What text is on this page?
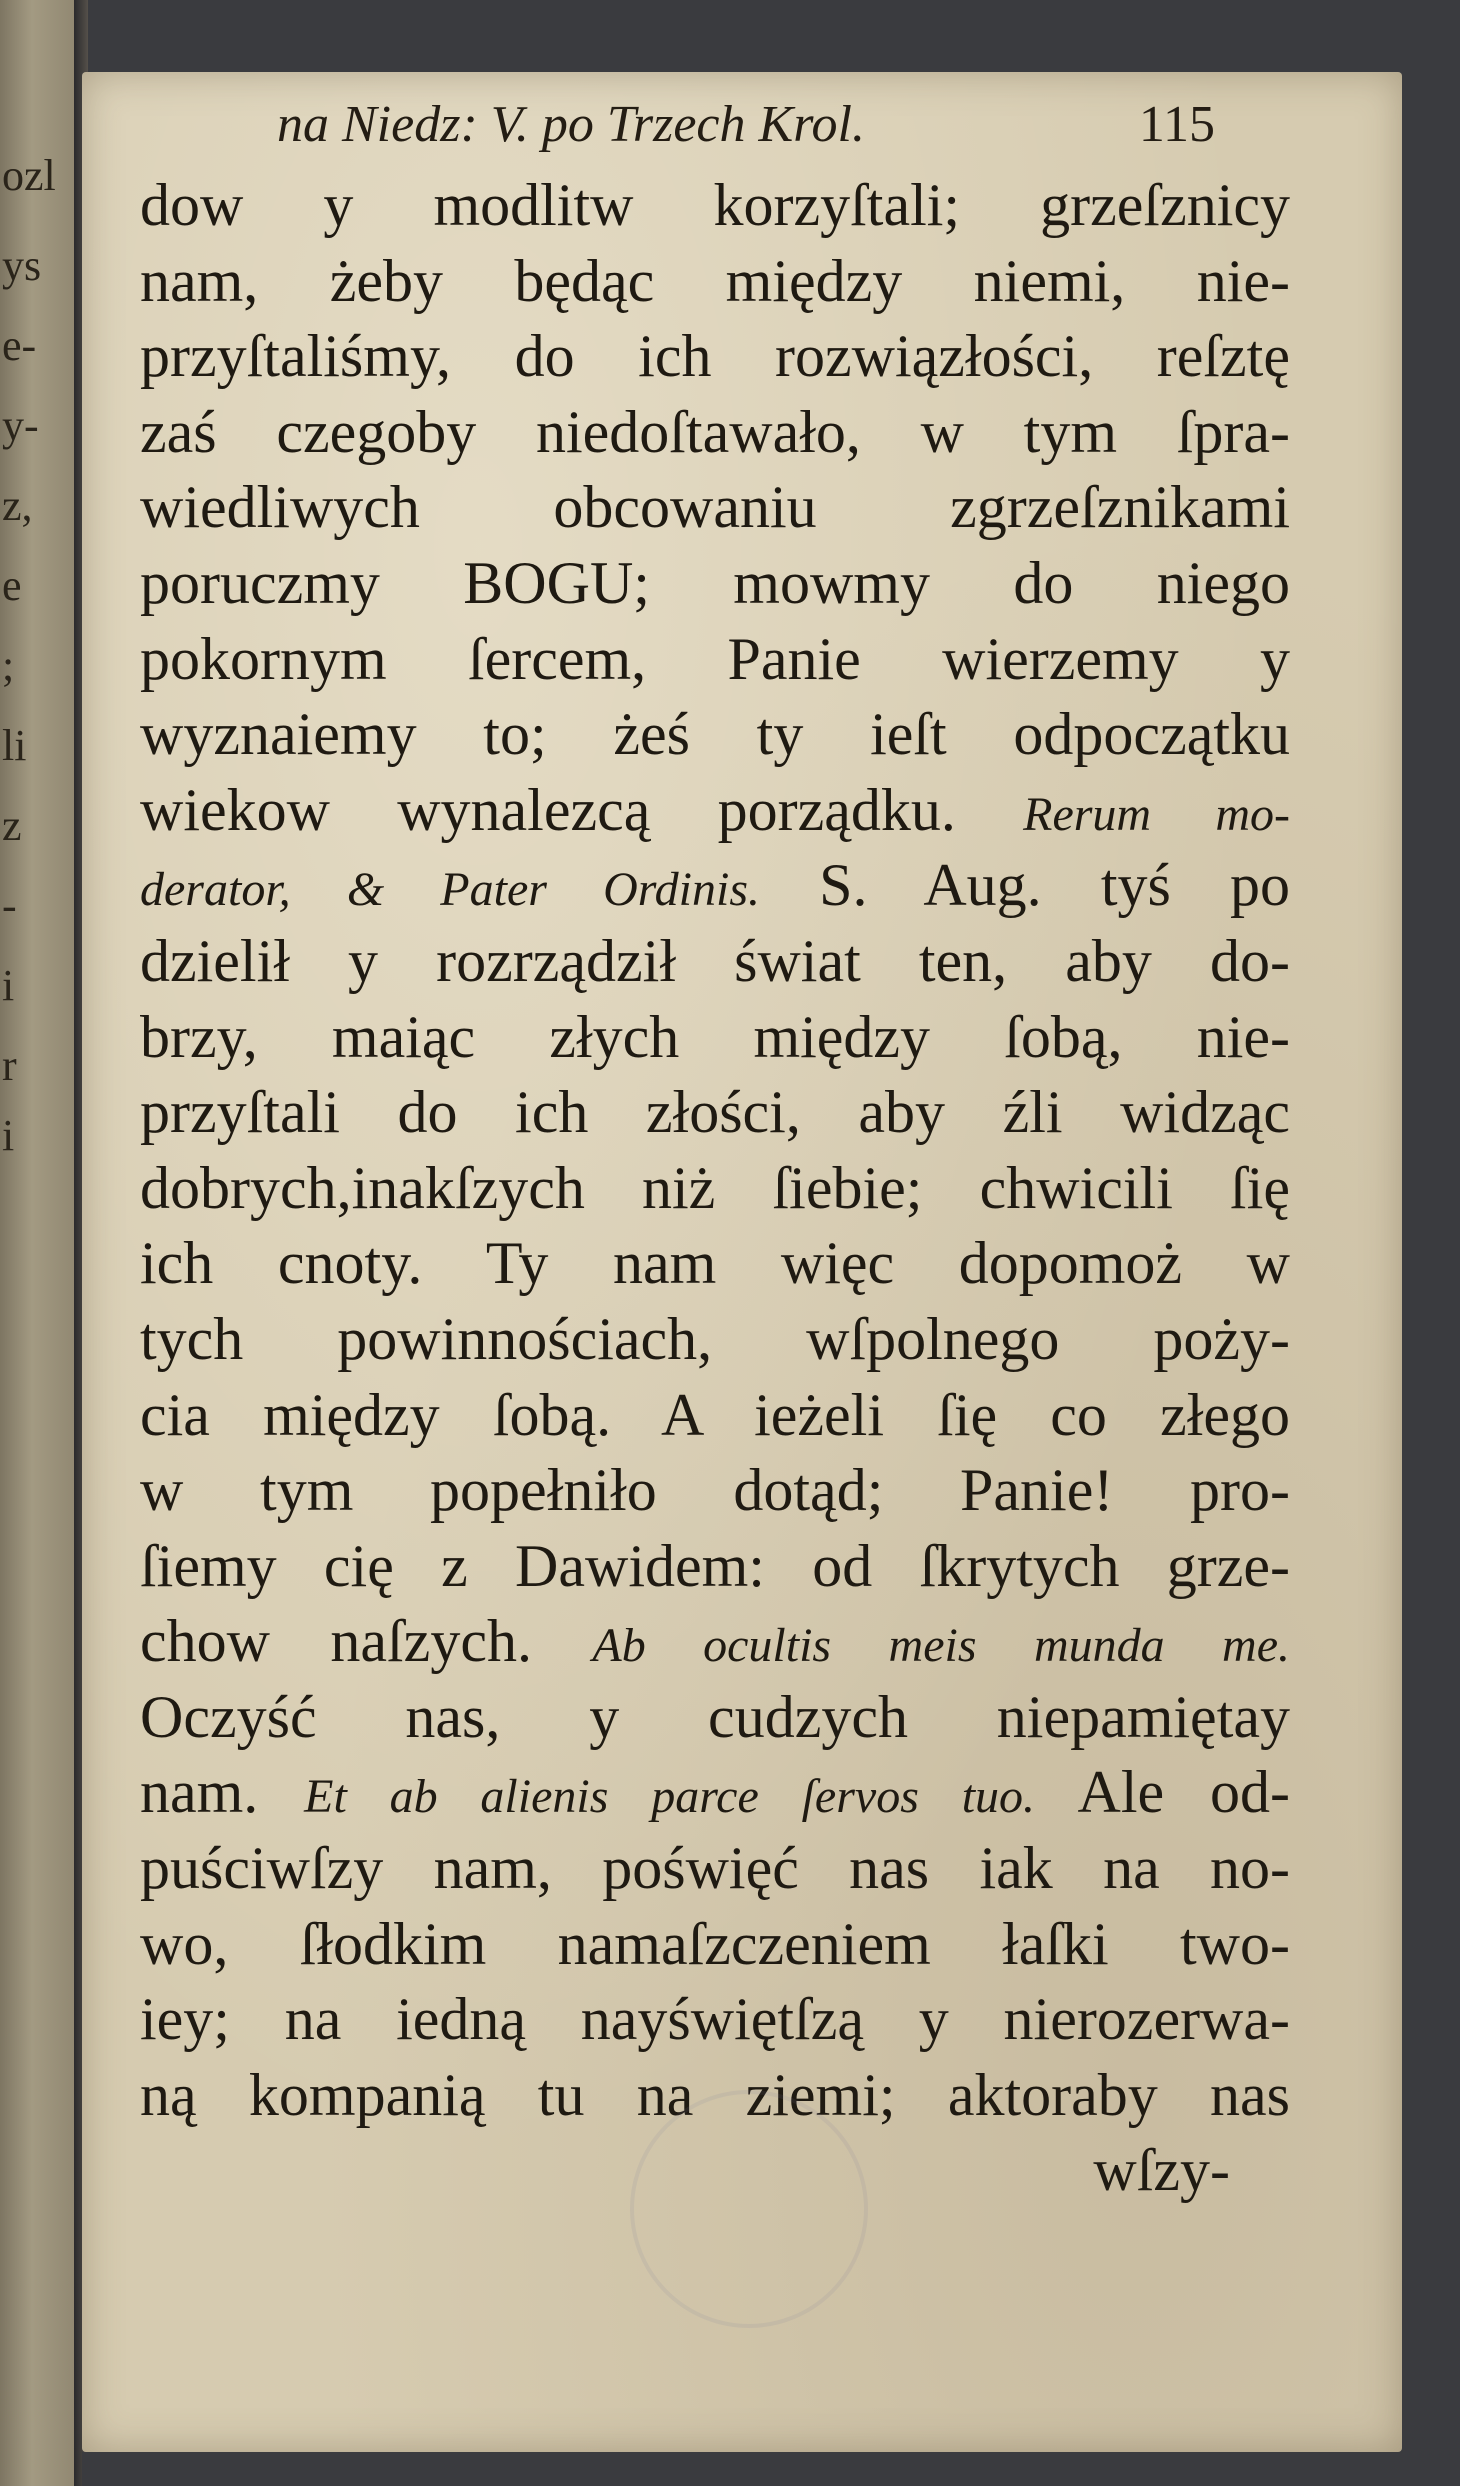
ozl
ys
e-
y-
z,
e
;
li
z
-
i
r
i
na Niedz: V. po Trzech Krol.	115
dow y modlitw korzyſtali; grzeſznicy
nam, żeby będąc między niemi, nie-
przyſtaliśmy, do ich rozwiązłości, reſztę
zaś czegoby niedoſtawało, w tym ſpra-
wiedliwych obcowaniu zgrzeſznikami
poruczmy BOGU; mowmy do niego
pokornym ſercem, Panie wierzemy y
wyznaiemy to; żeś ty ieſt odpoczątku
wiekow wynalezcą porządku. Rerum mo-
derator, & Pater Ordinis. S. Aug. tyś po
dzielił y rozrządził świat ten, aby do-
brzy, maiąc złych między ſobą, nie-
przyſtali do ich złości, aby źli widząc
dobrych,inakſzych niż ſiebie; chwicili ſię
ich cnoty. Ty nam więc dopomoż w
tych powinnościach, wſpolnego poży-
cia między ſobą. A ieżeli ſię co złego
w tym popełniło dotąd; Panie! pro-
ſiemy cię z Dawidem: od ſkrytych grze-
chow naſzych. Ab ocultis meis munda me.
Oczyść nas, y cudzych niepamiętay
nam. Et ab alienis parce ſervos tuo. Ale od-
puściwſzy nam, poświęć nas iak na no-
wo, ſłodkim namaſzczeniem łaſki two-
iey; na iedną nayświętſzą y nierozerwa-
ną kompanią tu na ziemi; aktoraby nas
wſzy-
